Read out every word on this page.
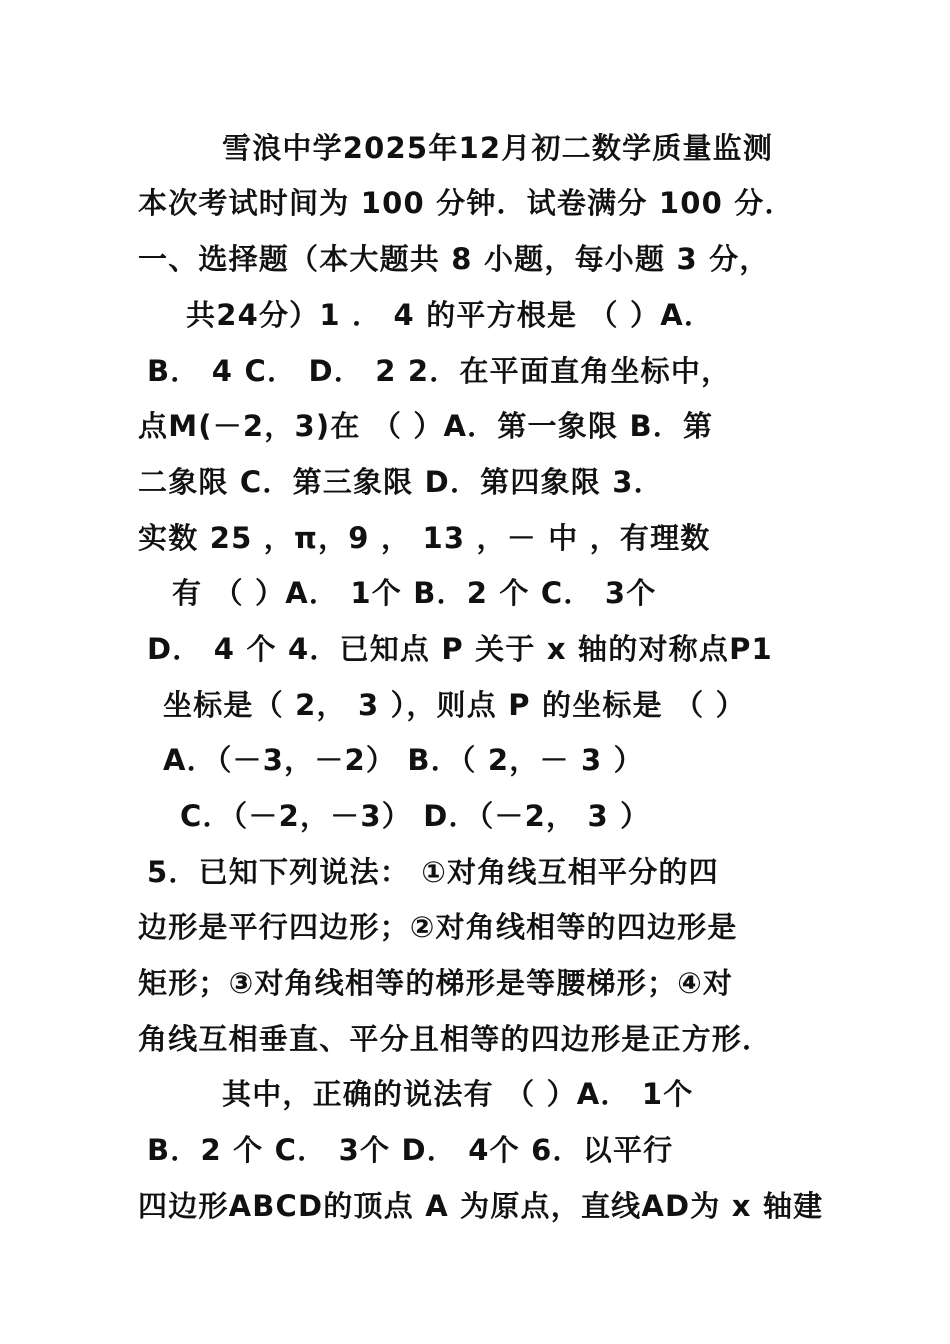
雪浪中学2025年12月初二数学质量监测
本次考试时间为 100 分钟．试卷满分 100 分．
一、选择题（本大题共 8 小题，每小题 3 分，
共24分）1 ． 4 的平方根是 （ ）A．
B． 4 C． D． 2 2．在平面直角坐标中，
点M(－2，3)在 （ ）A．第一象限 B．第
二象限 C．第三象限 D．第四象限 3．
实数 25 ，π，9 ， 13 ，－ 中 ，有理数
有 （ ）A． 1个 B．2 个 C． 3个
D． 4 个 4．已知点 P 关于 x 轴的对称点P1
坐标是（ 2， 3 ），则点 P 的坐标是 （ ）
A．（－3，－2） B．（ 2，－ 3 ）
C．（－2，－3） D．（－2， 3 ）
5．已知下列说法： ①对角线互相平分的四
边形是平行四边形；②对角线相等的四边形是
矩形；③对角线相等的梯形是等腰梯形；④对
角线互相垂直、平分且相等的四边形是正方形．
其中，正确的说法有 （ ）A． 1个
B．2 个 C． 3个 D． 4个 6．以平行
四边形ABCD的顶点 A 为原点，直线AD为 x 轴建
